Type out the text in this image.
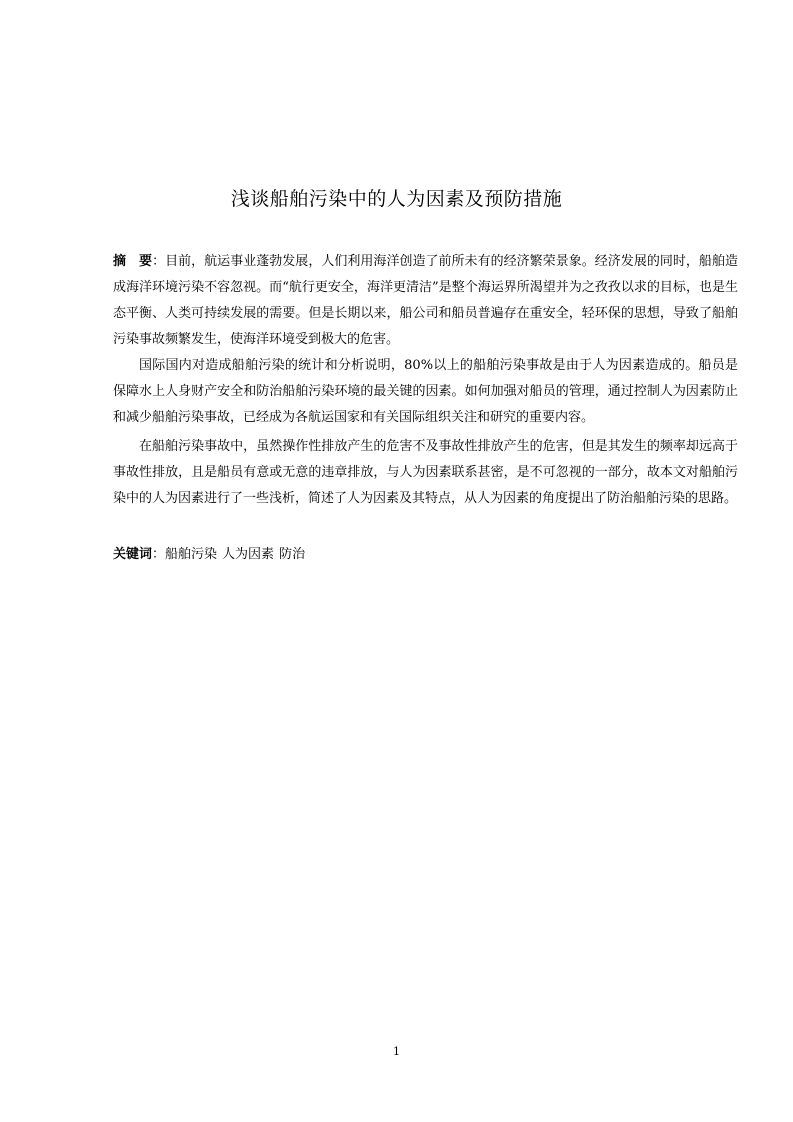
浅谈船舶污染中的人为因素及预防措施
摘　要：目前，航运事业蓬勃发展，人们利用海洋创造了前所未有的经济繁荣景象。经济发展的同时，船舶造成海洋环境污染不容忽视。而“航行更安全，海洋更清洁”是整个海运界所渴望并为之孜孜以求的目标，也是生态平衡、人类可持续发展的需要。但是长期以来，船公司和船员普遍存在重安全，轻环保的思想，导致了船舶污染事故频繁发生，使海洋环境受到极大的危害。
国际国内对造成船舶污染的统计和分析说明，80%以上的船舶污染事故是由于人为因素造成的。船员是保障水上人身财产安全和防治船舶污染环境的最关键的因素。如何加强对船员的管理，通过控制人为因素防止和减少船舶污染事故，已经成为各航运国家和有关国际组织关注和研究的重要内容。
在船舶污染事故中，虽然操作性排放产生的危害不及事故性排放产生的危害，但是其发生的频率却远高于事故性排放，且是船员有意或无意的违章排放，与人为因素联系甚密，是不可忽视的一部分，故本文对船舶污染中的人为因素进行了一些浅析，简述了人为因素及其特点，从人为因素的角度提出了防治船舶污染的思路。
关键词：船舶污染 人为因素 防治
1
